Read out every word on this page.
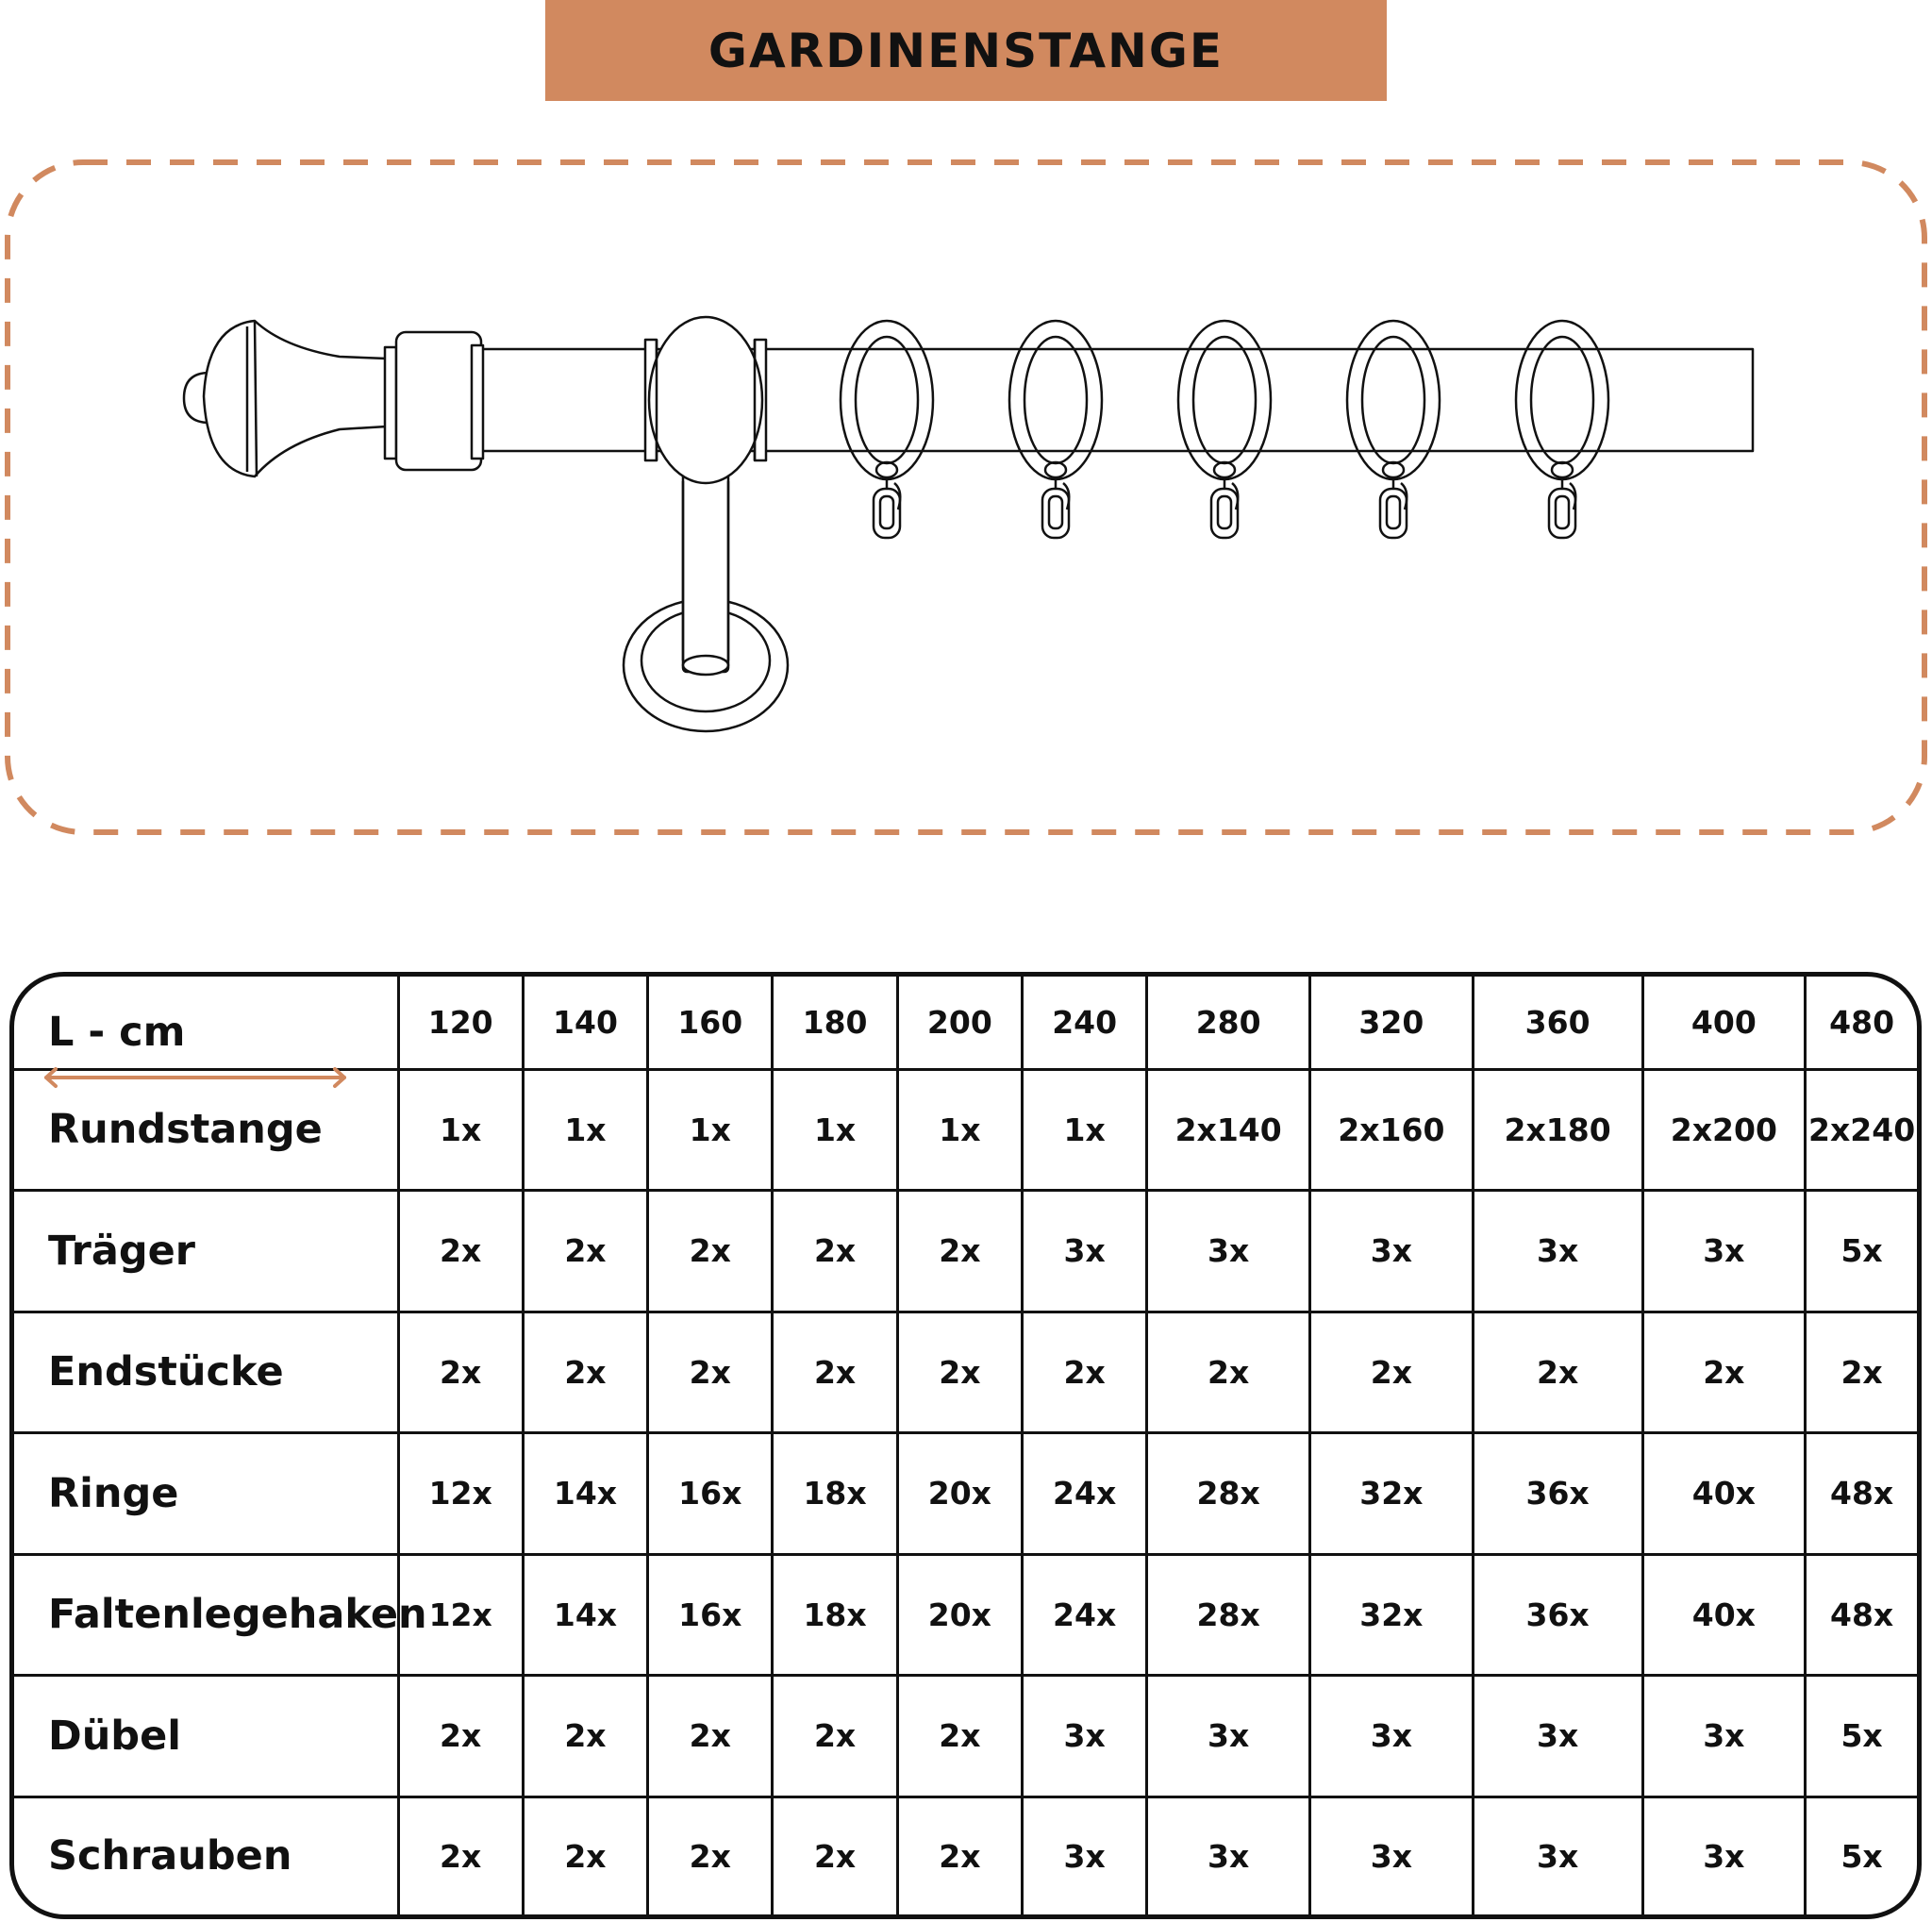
GARDINENSTANGE
L - cm	120	140	160	180	200	240	280	320	360	400	480
Rundstange	1x	1x	1x	1x	1x	1x	2x140	2x160	2x180	2x200	2x240
Träger	2x	2x	2x	2x	2x	3x	3x	3x	3x	3x	5x
Endstücke	2x	2x	2x	2x	2x	2x	2x	2x	2x	2x	2x
Ringe	12x	14x	16x	18x	20x	24x	28x	32x	36x	40x	48x
Faltenlegehaken	12x	14x	16x	18x	20x	24x	28x	32x	36x	40x	48x
Dübel	2x	2x	2x	2x	2x	3x	3x	3x	3x	3x	5x
Schrauben	2x	2x	2x	2x	2x	3x	3x	3x	3x	3x	5x
